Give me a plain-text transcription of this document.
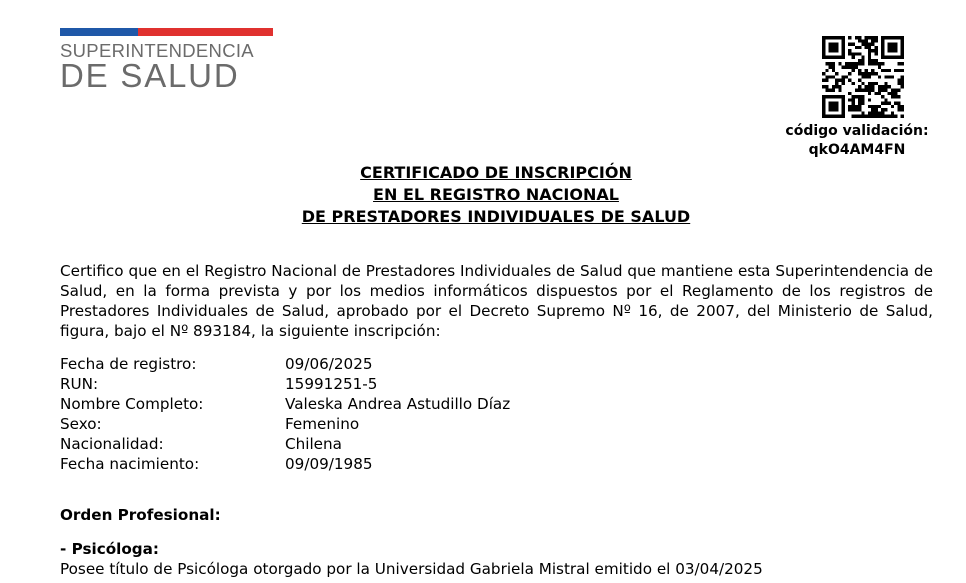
SUPERINTENDENCIA
DE SALUD
código validación:
qkO4AM4FN
CERTIFICADO DE INSCRIPCIÓN
EN EL REGISTRO NACIONAL
DE PRESTADORES INDIVIDUALES DE SALUD
Certifico que en el Registro Nacional de Prestadores Individuales de Salud que mantiene esta Superintendencia de Salud, en la forma prevista y por los medios informáticos dispuestos por el Reglamento de los registros de Prestadores Individuales de Salud, aprobado por el Decreto Supremo Nº 16, de 2007, del Ministerio de Salud, figura, bajo el Nº 893184, la siguiente inscripción:
Fecha de registro:	09/06/2025
RUN:	15991251-5
Nombre Completo:	Valeska Andrea Astudillo Díaz
Sexo:	Femenino
Nacionalidad:	Chilena
Fecha nacimiento:	09/09/1985
Orden Profesional:
- Psicóloga:
Posee título de Psicóloga otorgado por la Universidad Gabriela Mistral emitido el 03/04/2025
